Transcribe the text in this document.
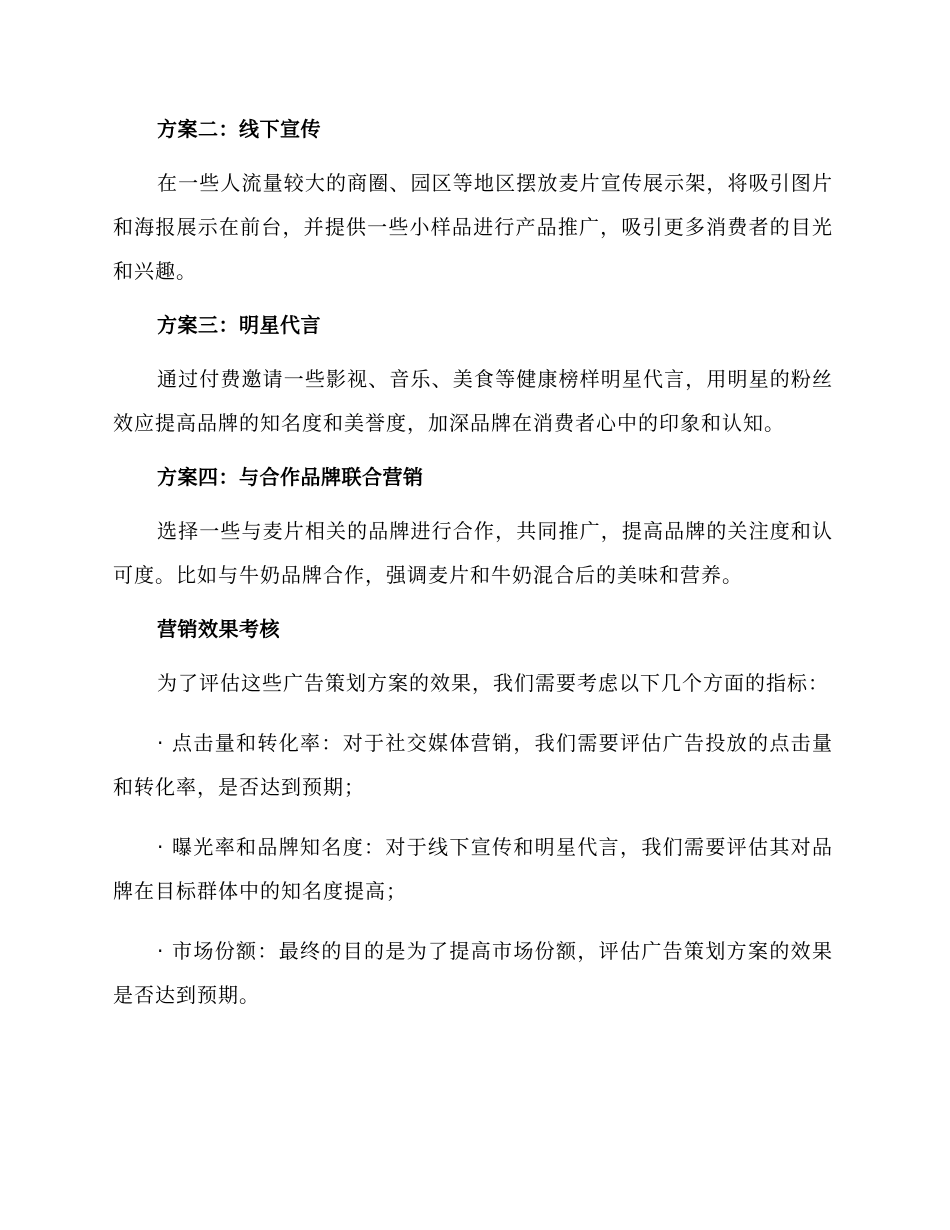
方案二：线下宣传

在一些人流量较大的商圈、园区等地区摆放麦片宣传展示架，将吸引图片和海报展示在前台，并提供一些小样品进行产品推广，吸引更多消费者的目光和兴趣。

方案三：明星代言

通过付费邀请一些影视、音乐、美食等健康榜样明星代言，用明星的粉丝效应提高品牌的知名度和美誉度，加深品牌在消费者心中的印象和认知。

方案四：与合作品牌联合营销

选择一些与麦片相关的品牌进行合作，共同推广，提高品牌的关注度和认可度。比如与牛奶品牌合作，强调麦片和牛奶混合后的美味和营养。

营销效果考核

为了评估这些广告策划方案的效果，我们需要考虑以下几个方面的指标：

· 点击量和转化率：对于社交媒体营销，我们需要评估广告投放的点击量和转化率，是否达到预期；

· 曝光率和品牌知名度：对于线下宣传和明星代言，我们需要评估其对品牌在目标群体中的知名度提高；

· 市场份额：最终的目的是为了提高市场份额，评估广告策划方案的效果是否达到预期。
